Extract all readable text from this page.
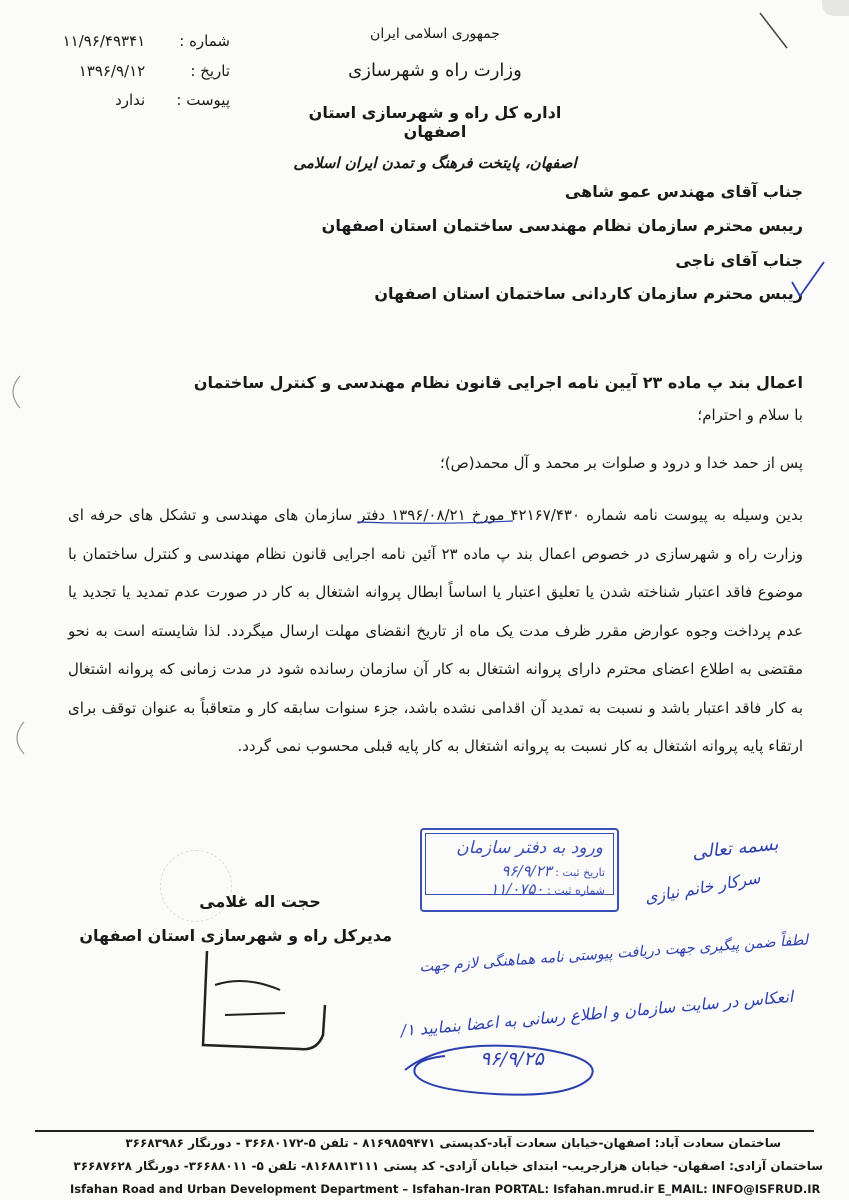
شماره : ۱۱/۹۶/۴۹۳۴۱
تاریخ : ۱۳۹۶/۹/۱۲
پیوست : ندارد
جمهوری اسلامی ایران
وزارت راه و شهرسازی
اداره کل راه و شهرسازی استان اصفهان
اصفهان، پایتخت فرهنگ و تمدن ایران اسلامی
جناب آقای مهندس عمو شاهی
ریبس محترم سازمان نظام مهندسی ساختمان استان اصفهان
جناب آقای ناجی
ریبس محترم سازمان کاردانی ساختمان استان اصفهان
اعمال بند پ ماده ۲۳ آیین نامه اجرایی قانون نظام مهندسی و کنترل ساختمان
با سلام و احترام؛
پس از حمد خدا و درود و صلوات بر محمد و آل محمد(ص)؛
بدین وسیله به پیوست نامه شماره ۴۲۱۶۷/۴۳۰ مورخ ۱۳۹۶/۰۸/۲۱ دفتر سازمان های مهندسی و تشکل های حرفه ای وزارت راه و شهرسازی در خصوص اعمال بند پ ماده ۲۳ آئین نامه اجرایی قانون نظام مهندسی و کنترل ساختمان با موضوع فاقد اعتبار شناخته شدن یا تعلیق اعتبار یا اساساً ابطال پروانه اشتغال به کار در صورت عدم تمدید یا تجدید یا عدم پرداخت وجوه عوارض مقرر ظرف مدت یک ماه از تاریخ انقضای مهلت ارسال میگردد. لذا شایسته است به نحو مقتضی به اطلاع اعضای محترم دارای پروانه اشتغال به کار آن سازمان رسانده شود در مدت زمانی که پروانه اشتغال به کار فاقد اعتبار باشد و نسبت به تمدید آن اقدامی نشده باشد، جزء سنوات سابقه کار و متعاقباً به عنوان توقف برای ارتقاء پایه پروانه اشتغال به کار نسبت به پروانه اشتغال به کار پایه قبلی محسوب نمی گردد.
حجت اله غلامی
مدیرکل راه و شهرسازی استان اصفهان
ورود به دفتر سازمان
تاریخ ثبت : ۹۶/۹/۲۳
شماره ثبت : ۱۱/۰۷۵۰
بسمه تعالی
سرکار خانم نیازی
لطفاً ضمن پیگیری جهت دریافت پیوستی نامه هماهنگی لازم جهت
انعکاس در سایت سازمان و اطلاع رسانی به اعضا بنمایید ۱/
۹۶/۹/۲۵
ساختمان سعادت آباد: اصفهان-خیابان سعادت آباد-کدپستی ۸۱۶۹۸۵۹۴۷۱ - تلفن ۵-۳۶۶۸۰۱۷۲ - دورنگار ۳۶۶۸۳۹۸۶
ساختمان آزادی: اصفهان- خیابان هزارجریب- ابتدای خیابان آزادی- کد پستی ۸۱۶۸۸۱۳۱۱۱- تلفن ۵- ۳۶۶۸۸۰۱۱- دورنگار ۳۶۶۸۷۶۲۸
Isfahan Road and Urban Development Department – Isfahan-Iran PORTAL: Isfahan.mrud.ir E_MAIL: INFO@ISFRUD.IR
